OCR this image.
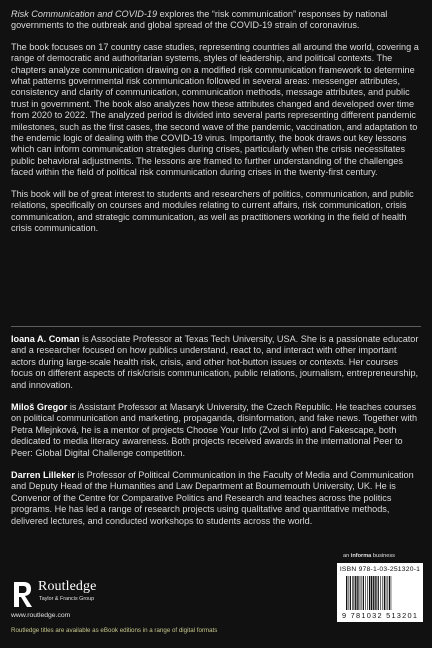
Risk Communication and COVID-19 explores the “risk communication” responses by national governments to the outbreak and global spread of the COVID-19 strain of coronavirus.

The book focuses on 17 country case studies, representing countries all around the world, covering a range of democratic and authoritarian systems, styles of leadership, and political contexts. The chapters analyze communication drawing on a modified risk communication framework to determine what patterns governmental risk communication followed in several areas: messenger attributes, consistency and clarity of communication, communication methods, message attributes, and public trust in government. The book also analyzes how these attributes changed and developed over time from 2020 to 2022. The analyzed period is divided into several parts representing different pandemic milestones, such as the first cases, the second wave of the pandemic, vaccination, and adaptation to the endemic logic of dealing with the COVID-19 virus. Importantly, the book draws out key lessons which can inform communication strategies during crises, particularly when the crisis necessitates public behavioral adjustments. The lessons are framed to further understanding of the challenges faced within the field of political risk communication during crises in the twenty-first century.

This book will be of great interest to students and researchers of politics, communication, and public relations, specifically on courses and modules relating to current affairs, risk communication, crisis communication, and strategic communication, as well as practitioners working in the field of health crisis communication.

Ioana A. Coman is Associate Professor at Texas Tech University, USA. She is a passionate educator and a researcher focused on how publics understand, react to, and interact with other important actors during large-scale health risk, crisis, and other hot-button issues or contexts. Her courses focus on different aspects of risk/crisis communication, public relations, journalism, entrepreneurship, and innovation.

Miloš Gregor is Assistant Professor at Masaryk University, the Czech Republic. He teaches courses on political communication and marketing, propaganda, disinformation, and fake news. Together with Petra Mlejnková, he is a mentor of projects Choose Your Info (Zvol si info) and Fakescape, both dedicated to media literacy awareness. Both projects received awards in the international Peer to Peer: Global Digital Challenge competition.

Darren Lilleker is Professor of Political Communication in the Faculty of Media and Communication and Deputy Head of the Humanities and Law Department at Bournemouth University, UK. He is Convenor of the Centre for Comparative Politics and Research and teaches across the politics programs. He has led a range of research projects using qualitative and quantitative methods, delivered lectures, and conducted workshops to students across the world.

Routledge
Taylor & Francis Group
www.routledge.com
Routledge titles are available as eBook editions in a range of digital formats
an informa business
ISBN 978-1-03-251320-1
9 781032 513201
